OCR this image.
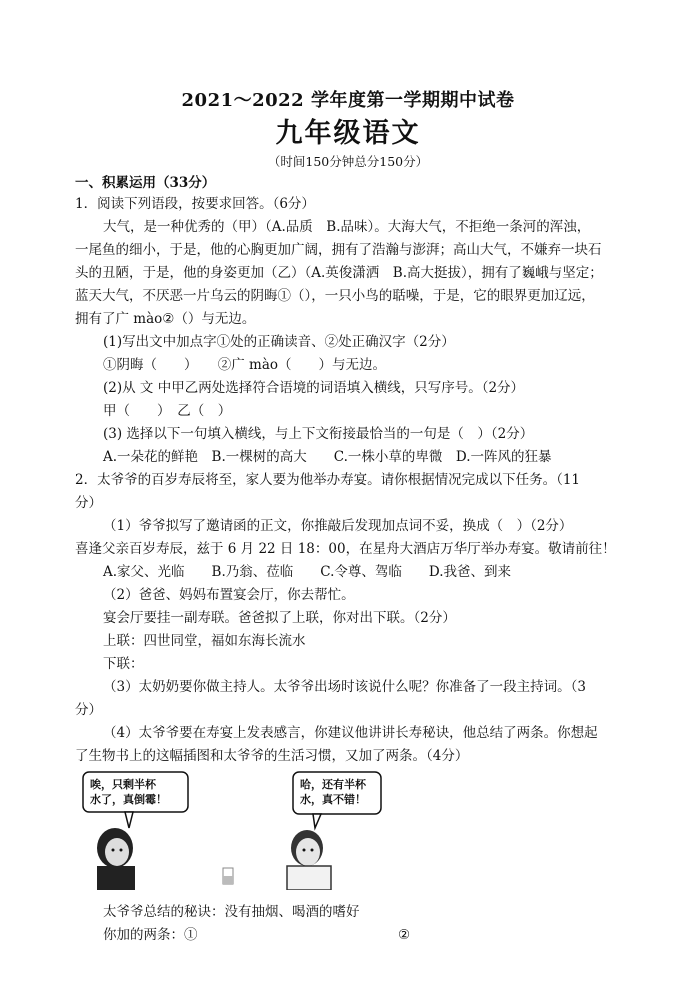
2021～2022 学年度第一学期期中试卷
九年级语文
（时间150分钟总分150分）
一、积累运用（33分）
1．阅读下列语段，按要求回答。（6分）
大气，是一种优秀的（甲）（A.品质　B.品味）。大海大气，不拒绝一条河的浑浊，
一尾鱼的细小，于是，他的心胸更加广阔，拥有了浩瀚与澎湃；高山大气，不嫌弃一块石
头的丑陋，于是，他的身姿更加（乙）（A.英俊潇洒　B.高大挺拔），拥有了巍峨与坚定；
蓝天大气，不厌恶一片乌云的阴晦①（），一只小鸟的聒噪，于是，它的眼界更加辽远，
拥有了广 mào②（）与无边。
(1)写出文中加点字①处的正确读音、②处正确汉字（2分）
①阴晦（　　）　　②广 mào（　　）与无边。
(2)从 文 中甲乙两处选择符合语境的词语填入横线，只写序号。（2分）
甲（　　）　乙（　）
(3) 选择以下一句填入横线，与上下文衔接最恰当的一句是（　）（2分）
A.一朵花的鲜艳　B.一棵树的高大　　C.一株小草的卑微　D.一阵风的狂暴
2．太爷爷的百岁寿辰将至，家人要为他举办寿宴。请你根据情况完成以下任务。（11
分）
（1）爷爷拟写了邀请函的正文，你推敲后发现加点词不妥，换成（　）（2分）
喜逢父亲百岁寿辰，兹于 6 月 22 日 18：00，在星舟大酒店万华厅举办寿宴。敬请前往！
A.家父、光临　　B.乃翁、莅临　　C.令尊、驾临　　D.我爸、到来
（2）爸爸、妈妈布置宴会厅，你去帮忙。
宴会厅要挂一副寿联。爸爸拟了上联，你对出下联。（2分）
上联：四世同堂，福如东海长流水
下联：
（3）太奶奶要你做主持人。太爷爷出场时该说什么呢？你准备了一段主持词。（3
分）
（4）太爷爷要在寿宴上发表感言，你建议他讲讲长寿秘诀，他总结了两条。你想起
了生物书上的这幅插图和太爷爷的生活习惯，又加了两条。（4分）
唉，只剩半杯
水了，真倒霉！
哈，还有半杯
水，真不错！
太爷爷总结的秘诀：没有抽烟、喝酒的嗜好
你加的两条：①	②
